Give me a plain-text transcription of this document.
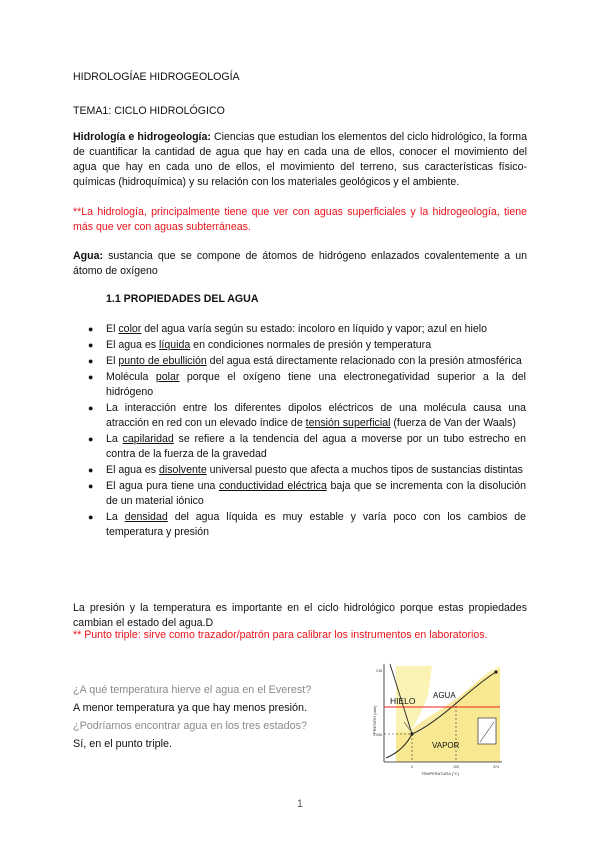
HIDROLOGÍAE HIDROGEOLOGÍA
TEMA1: CICLO HIDROLÓGICO
Hidrología e hidrogeología: Ciencias que estudian los elementos del ciclo hidrológico, la forma de cuantificar la cantidad de agua que hay en cada una de ellos, conocer el movimiento del agua que hay en cada uno de ellos, el movimiento del terreno, sus características físico-químicas (hidroquímica) y su relación con los materiales geológicos y el ambiente.
**La hidrología, principalmente tiene que ver con aguas superficiales y la hidrogeología, tiene más que ver con aguas subterráneas.
Agua: sustancia que se compone de átomos de hidrógeno enlazados covalentemente a un átomo de oxígeno
1.1 PROPIEDADES DEL AGUA
● El color del agua varía según su estado: incoloro en líquido y vapor; azul en hielo
● El agua es líquida en condiciones normales de presión y temperatura
● El punto de ebullición del agua está directamente relacionado con la presión atmosférica
● Molécula polar porque el oxígeno tiene una electronegatividad superior a la del hidrógeno
● La interacción entre los diferentes dipolos eléctricos de una molécula causa una atracción en red con un elevado índice de tensión superficial (fuerza de Van der Waals)
● La capilaridad se refiere a la tendencia del agua a moverse por un tubo estrecho en contra de la fuerza de la gravedad
● El agua es disolvente universal puesto que afecta a muchos tipos de sustancias distintas
● El agua pura tiene una conductividad eléctrica baja que se incrementa con la disolución de un material iónico
● La densidad del agua líquida es muy estable y varía poco con los cambios de temperatura y presión
La presión y la temperatura es importante en el ciclo hidrológico porque estas propiedades cambian el estado del agua.D
** Punto triple: sirve como trazador/patrón para calibrar los instrumentos en laboratorios.
¿A qué temperatura hierve el agua en el Everest?
A menor temperatura ya que hay menos presión.
¿Podríamos encontrar agua en los tres estados?
Sí, en el punto triple.
HIELO
AGUA
VAPOR
PRESIÓN (atm)
218
0.006
0	100	374
TEMPERATURA (°C)
1
